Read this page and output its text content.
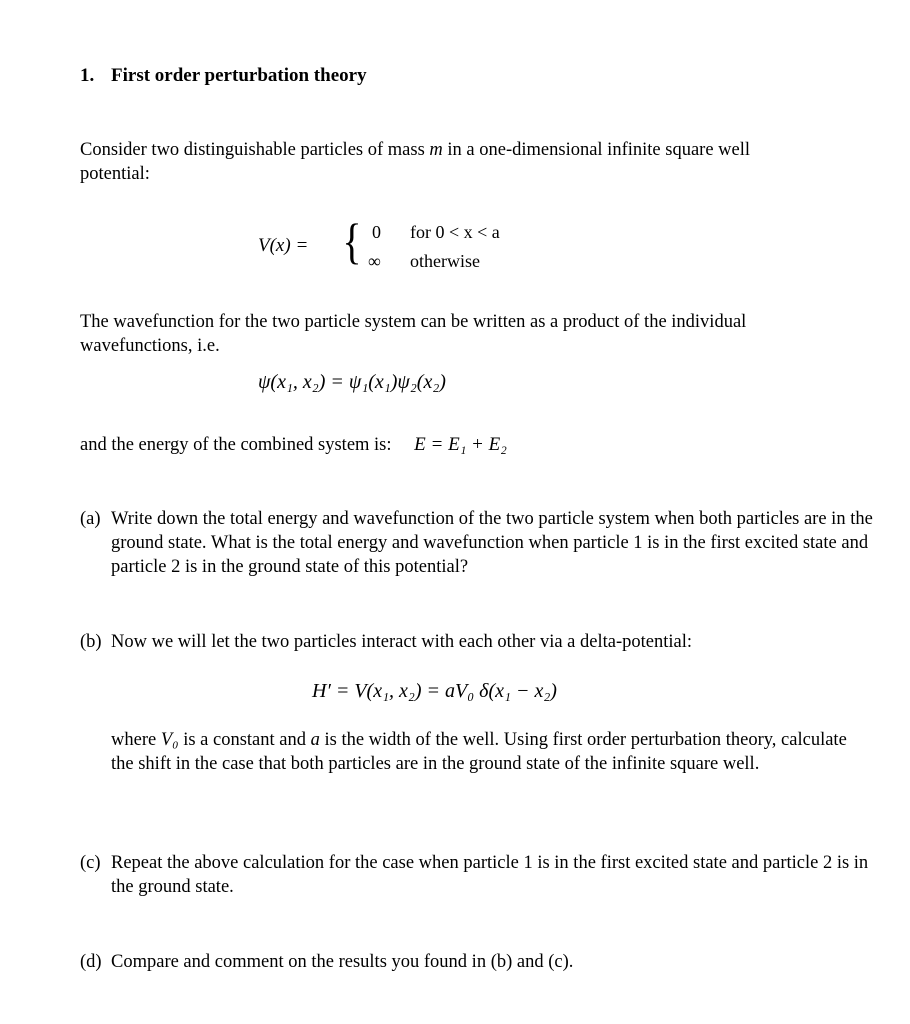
1. First order perturbation theory
Consider two distinguishable particles of mass m in a one-dimensional infinite square well potential:
V(x) = { 0 for 0 < x < a
∞ otherwise
The wavefunction for the two particle system can be written as a product of the individual wavefunctions, i.e.
ψ(x₁, x₂) = ψ₁(x₁)ψ₂(x₂)
and the energy of the combined system is: E = E₁ + E₂
(a) Write down the total energy and wavefunction of the two particle system when both particles are in the ground state. What is the total energy and wavefunction when particle 1 is in the first excited state and particle 2 is in the ground state of this potential?
(b) Now we will let the two particles interact with each other via a delta-potential:
H′ = V(x₁, x₂) = aV₀ δ(x₁ − x₂)
where V₀ is a constant and a is the width of the well. Using first order perturbation theory, calculate the shift in the case that both particles are in the ground state of the infinite square well.
(c) Repeat the above calculation for the case when particle 1 is in the first excited state and particle 2 is in the ground state.
(d) Compare and comment on the results you found in (b) and (c).
